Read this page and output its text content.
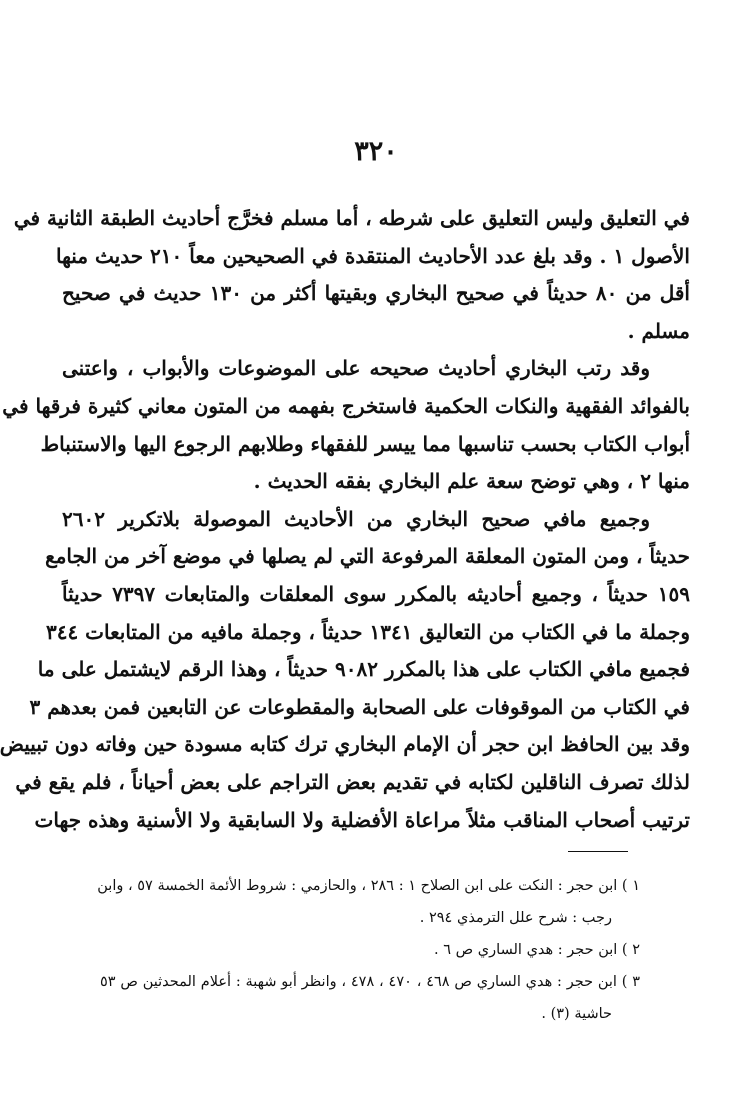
٣٢٠

في التعليق وليس التعليق على شرطه ، أما مسلم فخرَّج أحاديث الطبقة الثانية في
الأصول ١ . وقد بلغ عدد الأحاديث المنتقدة في الصحيحين معاً ٢١٠ حديث منها
أقل من ٨٠ حديثاً في صحيح البخاري وبقيتها أكثر من ١٣٠ حديث في صحيح
مسلم .

وقد رتب البخاري أحاديث صحيحه على الموضوعات والأبواب ، واعتنى
بالفوائد الفقهية والنكات الحكمية فاستخرج بفهمه من المتون معاني كثيرة فرقها في
أبواب الكتاب بحسب تناسبها مما ييسر للفقهاء وطلابهم الرجوع اليها والاستنباط
منها ٢ ، وهي توضح سعة علم البخاري بفقه الحديث .

وجميع مافي صحيح البخاري من الأحاديث الموصولة بلاتكرير ٢٦٠٢
حديثاً ، ومن المتون المعلقة المرفوعة التي لم يصلها في موضع آخر من الجامع
١٥٩ حديثاً ، وجميع أحاديثه بالمكرر سوى المعلقات والمتابعات ٧٣٩٧ حديثاً
وجملة ما في الكتاب من التعاليق ١٣٤١ حديثاً ، وجملة مافيه من المتابعات ٣٤٤
فجميع مافي الكتاب على هذا بالمكرر ٩٠٨٢ حديثاً ، وهذا الرقم لايشتمل على ما
في الكتاب من الموقوفات على الصحابة والمقطوعات عن التابعين فمن بعدهم ٣

وقد بين الحافظ ابن حجر أن الإمام البخاري ترك كتابه مسودة حين وفاته دون تبييض
لذلك تصرف الناقلين لكتابه في تقديم بعض التراجم على بعض أحياناً ، فلم يقع في
ترتيب أصحاب المناقب مثلاً مراعاة الأفضلية ولا السابقية ولا الأسنية وهذه جهات

١ ) ابن حجر : النكت على ابن الصلاح ١ : ٢٨٦ ، والحازمي : شروط الأئمة الخمسة ٥٧ ، وابن
رجب : شرح علل الترمذي ٢٩٤ .

٢ ) ابن حجر : هدي الساري ص ٦ .

٣ ) ابن حجر : هدي الساري ص ٤٦٨ ، ٤٧٠ ، ٤٧٨ ، وانظر أبو شهبة : أعلام المحدثين ص ٥٣
حاشية (٣) .
